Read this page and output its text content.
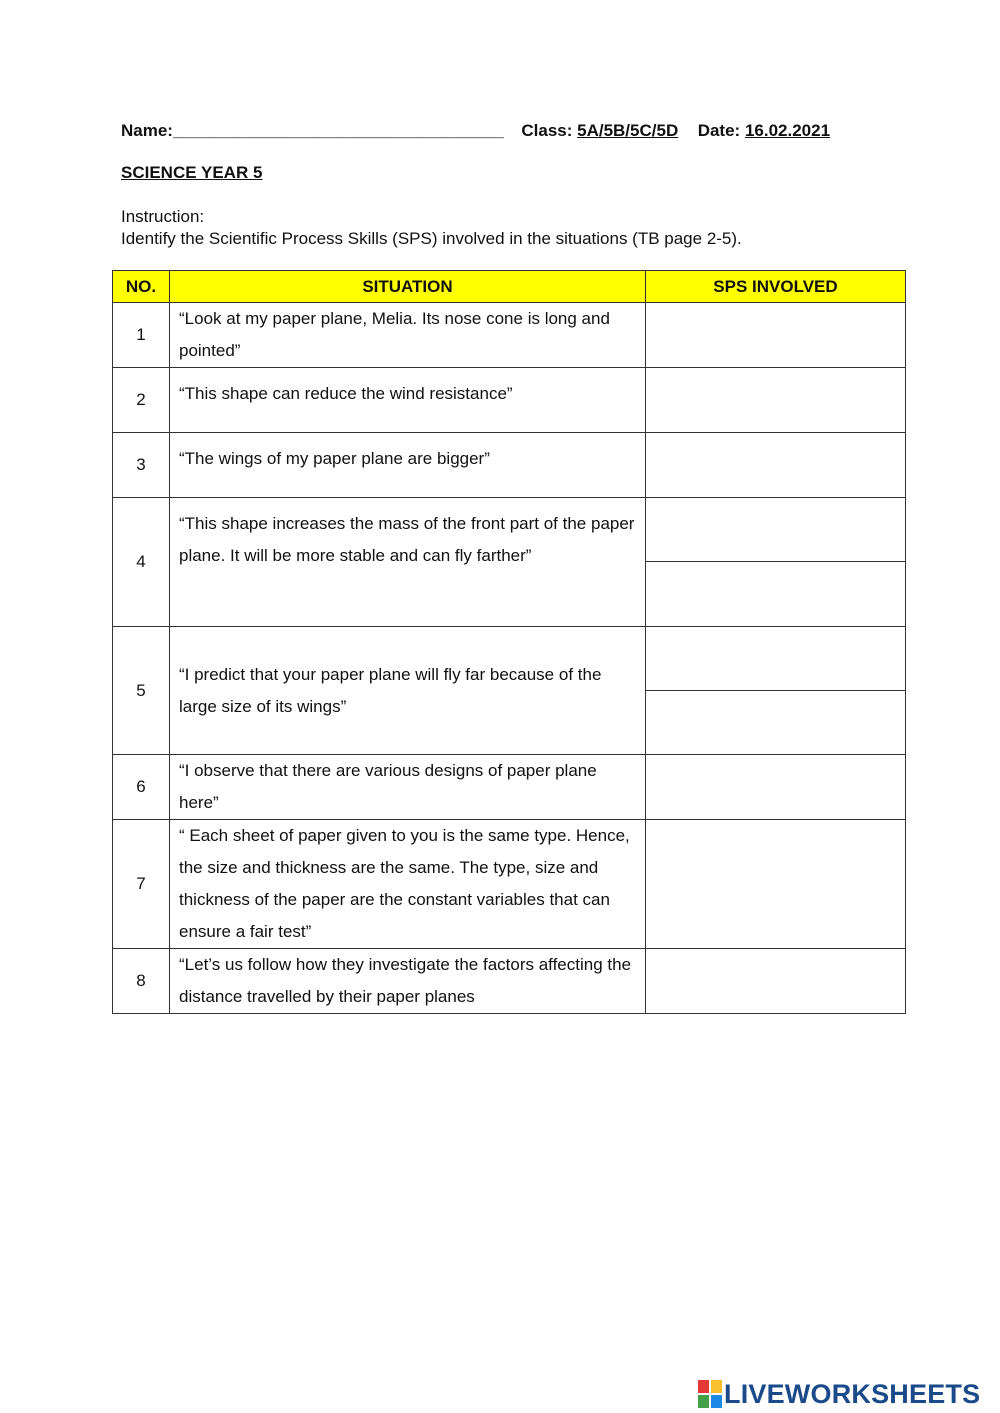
Name:___________________________________ Class: 5A/5B/5C/5D Date: 16.02.2021
SCIENCE YEAR 5
Instruction:
Identify the Scientific Process Skills (SPS) involved in the situations (TB page 2-5).
NO.	SITUATION	SPS INVOLVED
1	“Look at my paper plane, Melia. Its nose cone is long and pointed”	
2	“This shape can reduce the wind resistance”	
3	“The wings of my paper plane are bigger”	
4	“This shape increases the mass of the front part of the paper plane. It will be more stable and can fly farther”	

5	“I predict that your paper plane will fly far because of the large size of its wings”	

6	“I observe that there are various designs of paper plane here”	
7	“ Each sheet of paper given to you is the same type. Hence, the size and thickness are the same. The type, size and thickness of the paper are the constant variables that can ensure a fair test”	
8	“Let’s us follow how they investigate the factors affecting the distance travelled by their paper planes	
LIVEWORKSHEETS
